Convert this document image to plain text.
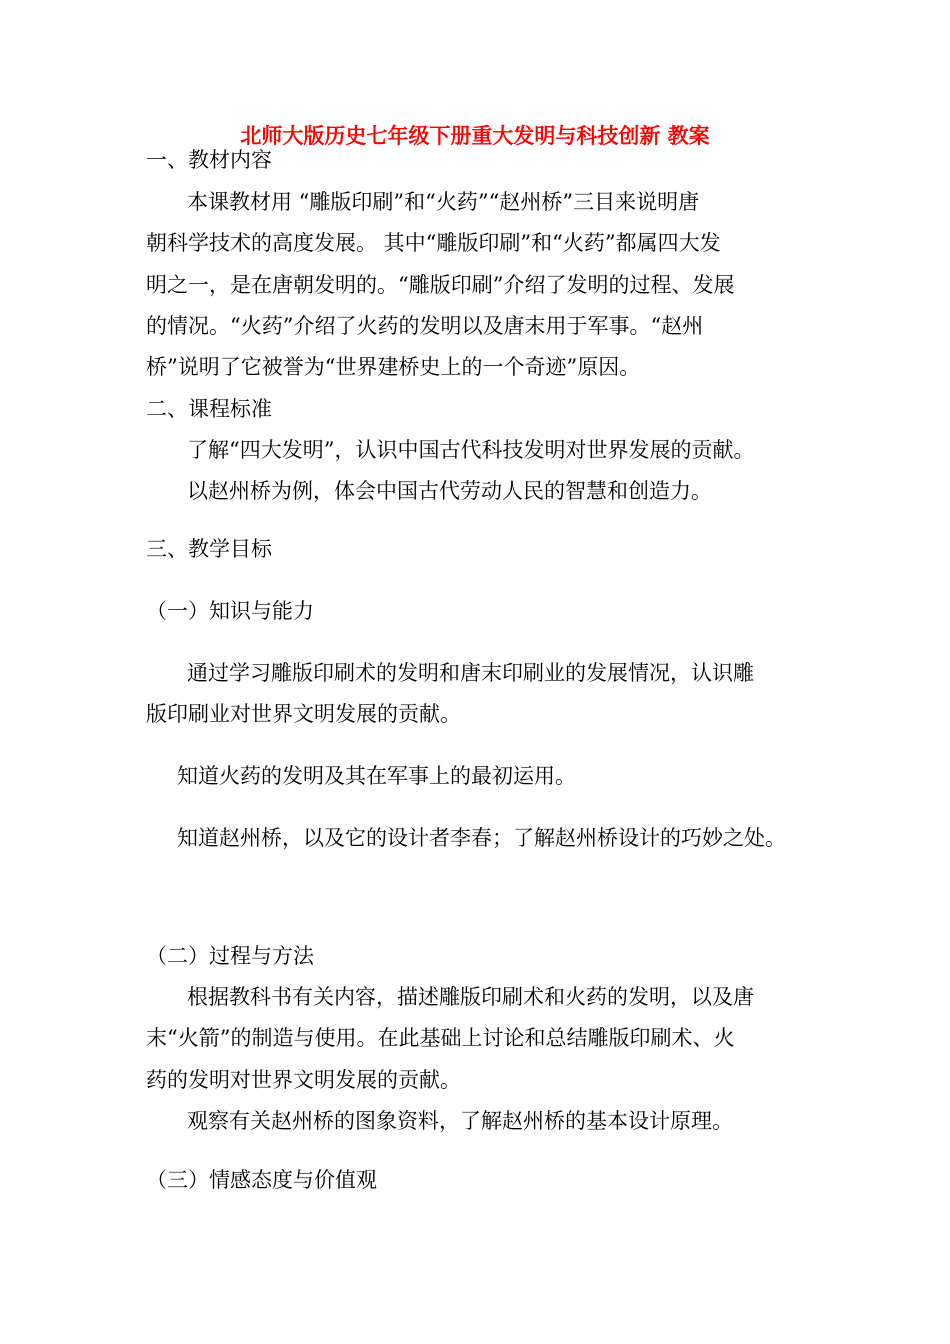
北师大版历史七年级下册重大发明与科技创新 教案
一、教材内容
本课教材用 “雕版印刷”和“火药”“赵州桥”三目来说明唐
朝科学技术的高度发展。 其中“雕版印刷”和“火药”都属四大发
明之一，是在唐朝发明的。“雕版印刷”介绍了发明的过程、发展
的情况。“火药”介绍了火药的发明以及唐末用于军事。“赵州
桥”说明了它被誉为“世界建桥史上的一个奇迹”原因。
二、课程标准
了解“四大发明”，认识中国古代科技发明对世界发展的贡献。
以赵州桥为例，体会中国古代劳动人民的智慧和创造力。
三、教学目标
（一）知识与能力
通过学习雕版印刷术的发明和唐末印刷业的发展情况，认识雕
版印刷业对世界文明发展的贡献。
知道火药的发明及其在军事上的最初运用。
知道赵州桥，以及它的设计者李春；了解赵州桥设计的巧妙之处。
（二）过程与方法
根据教科书有关内容，描述雕版印刷术和火药的发明，以及唐
末“火箭”的制造与使用。在此基础上讨论和总结雕版印刷术、火
药的发明对世界文明发展的贡献。
观察有关赵州桥的图象资料，了解赵州桥的基本设计原理。
（三）情感态度与价值观
